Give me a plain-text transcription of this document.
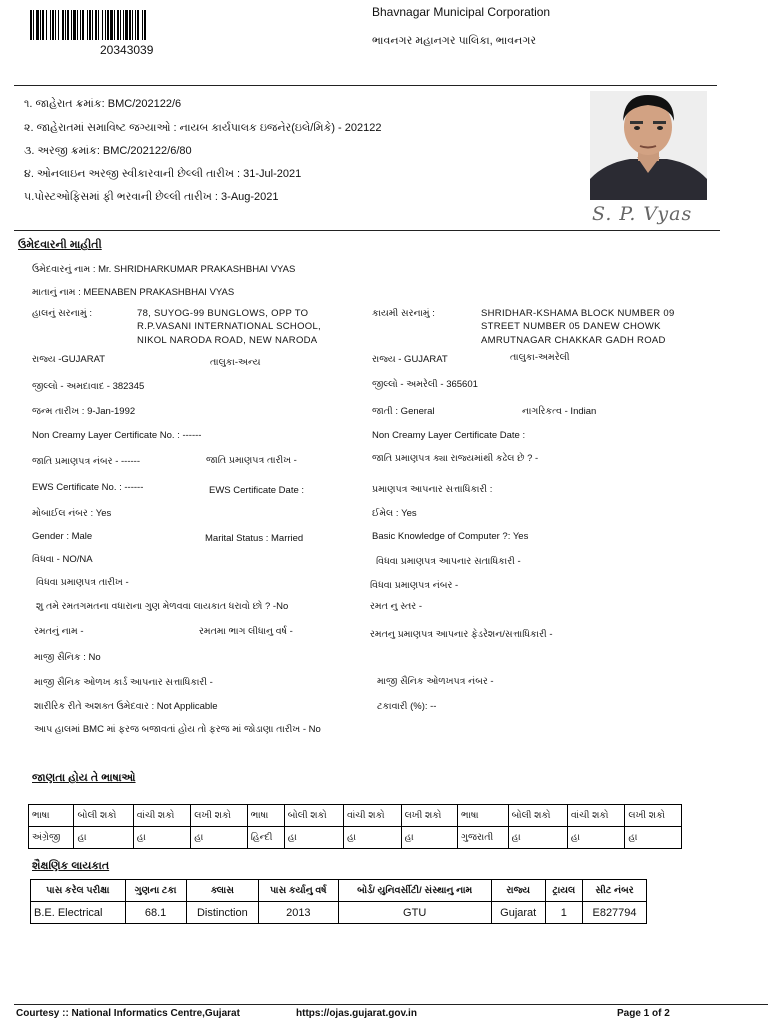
20343039
Bhavnagar Municipal Corporation
ભાવનગર મહાનગર પાલિકા, ભાવનગર
૧. જાહેરાત ક્રમાંક: BMC/202122/6
૨. જાહેરાતમાં સમાવિષ્ટ જગ્યાઓ : નાયબ કાર્યપાલક ઇજનેર(ઇલે/મિકે) - 202122
૩. અરજી ક્રમાંક: BMC/202122/6/80
૪. ઓનલાઇન અરજી સ્વીકારવાની છેલ્લી તારીખ : 31-Jul-2021
૫.પોસ્ટઓફિસમાં ફી ભરવાની છેલ્લી તારીખ : 3-Aug-2021
S. P. Vyas
ઉમેદવારની માહીતી
ઉમેદવારનું નામ : Mr. SHRIDHARKUMAR PRAKASHBHAI VYAS
માતાનું નામ : MEENABEN PRAKASHBHAI VYAS
હાલનું સરનામું :	78, SUYOG-99 BUNGLOWS, OPP TO
R.P.VASANI INTERNATIONAL SCHOOL,
NIKOL NARODA ROAD, NEW NARODA
કાયમી સરનામું :	SHRIDHAR-KSHAMA BLOCK NUMBER 09
STREET NUMBER 05 DANEW CHOWK
AMRUTNAGAR CHAKKAR GADH ROAD
રાજ્ય -GUJARAT	તાલુકા-અન્ય	રાજ્ય - GUJARAT	તાલુકા-અમરેલી
જીલ્લો - અમદાવાદ - 382345	જીલ્લો - અમરેલી - 365601
જન્મ તારીખ : 9-Jan-1992	જાતી : General	નાગરિકત્વ - Indian
Non Creamy Layer Certificate No. : ------	Non Creamy Layer Certificate Date :
જાતિ પ્રમાણપત્ર નંબર - ------	જાતિ પ્રમાણપત્ર તારીખ -	જાતિ પ્રમાણપત્ર ક્યા રાજ્યમાંથી કઢેલ છે ? -
EWS Certificate No. : ------	EWS Certificate Date :	પ્રમાણપત્ર આપનાર સત્તાધિકારી :
મોબાઈલ નંબર : Yes	ઈમેલ : Yes
Gender : Male	Marital Status : Married	Basic Knowledge of Computer ?: Yes
વિધવા - NO/NA	વિધવા પ્રમાણપત્ર આપનાર સતાધિકારી -
વિધવા પ્રમાણપત્ર તારીખ -	વિધવા પ્રમાણપત્ર નંબર -
શુ તમે રમતગમતના વધારાના ગુણ મેળવવા લાયકાત ધરાવો છો ? -No	રમત નુ સ્તર -
રમતનું નામ -	રમતમા ભાગ લીધાનુ વર્ષ -	રમતનુ પ્રમાણપત્ર આપનાર ફેડરેશન/સત્તાધિકારી -
માજી સૈનિક : No
માજી સૈનિક ઓળખ કાર્ડ આપનાર સત્તાધિકારી -	માજી સૈનિક ઓળખપત્ર નંબર -
શારીરિક રીતે અશક્ત ઉમેદવાર : Not Applicable	ટકાવારી (%): --
આપ હાલમાં BMC માં ફરજ બજાવતાં હોય તો ફરજ માં જોડાણા તારીખ - No
જાણતા હોય તે ભાષાઓ
ભાષા	બોલી શકો	વાંચી શકો	લખી શકો	ભાષા	બોલી શકો	વાંચી શકો	લખી શકો	ભાષા	બોલી શકો	વાંચી શકો	લખી શકો
અંગ્રેજી	હા	હા	હા	હિન્દી	હા	હા	હા	ગુજરાતી	હા	હા	હા
શૈક્ષણિક લાયકાત
પાસ કરેલ પરીક્ષા	ગુણના ટકા	ક્લાસ	પાસ કર્યાનુ વર્ષ	બોર્ડ/ યુનિવર્સીટી/ સંસ્થાનુ નામ	રાજ્ય	ટ્રાયલ	સીટ નંબર
B.E. Electrical	68.1	Distinction	2013	GTU	Gujarat	1	E827794
Courtesy :: National Informatics Centre,Gujarat	https://ojas.gujarat.gov.in	Page 1 of 2
